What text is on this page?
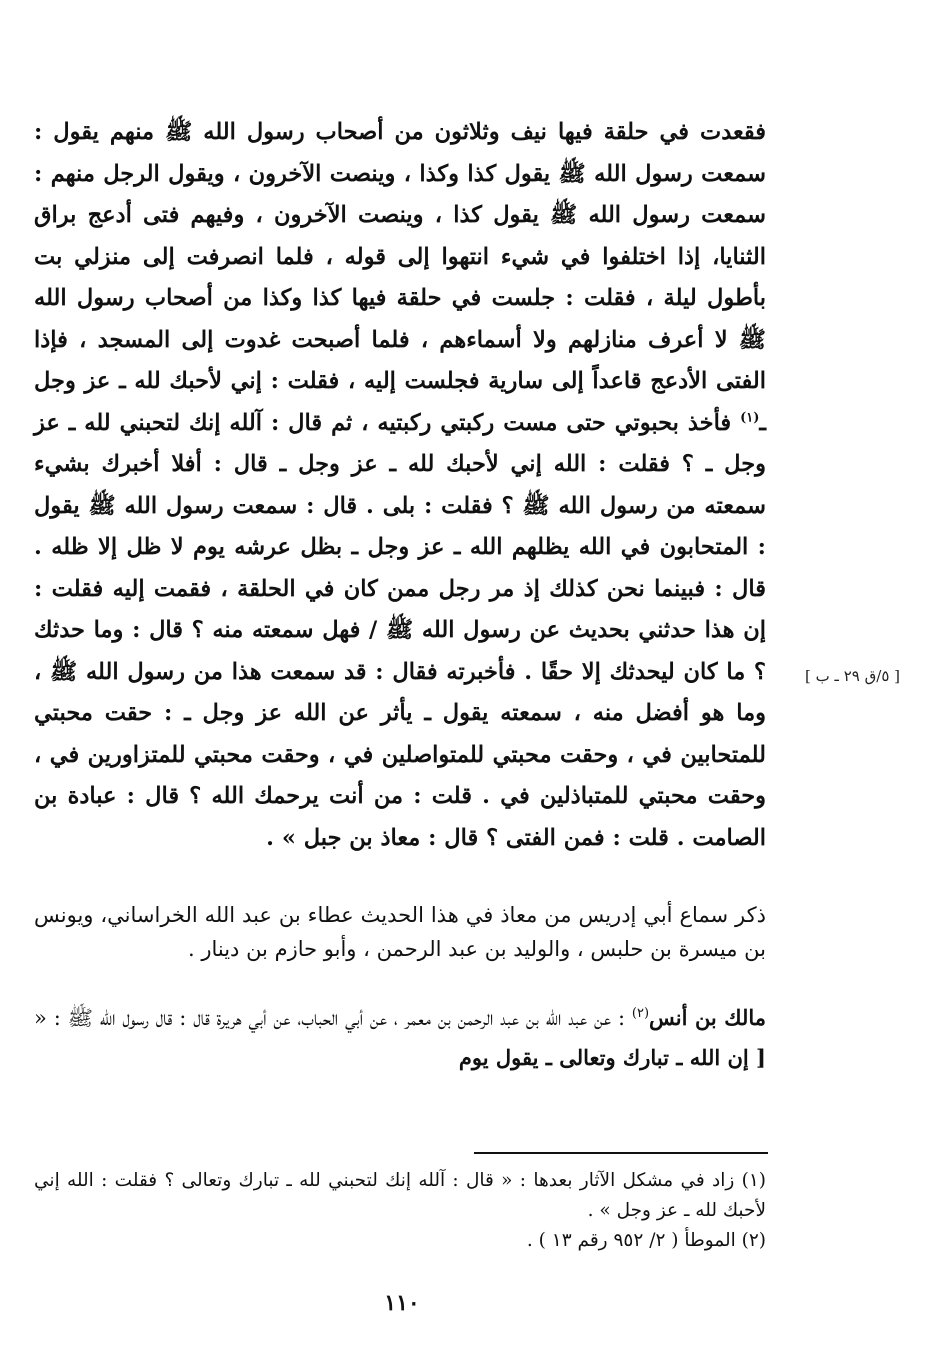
فقعدت في حلقة فيها نيف وثلاثون من أصحاب رسول الله ﷺ منهم يقول : سمعت رسول الله ﷺ يقول كذا وكذا ، وينصت الآخرون ، ويقول الرجل منهم : سمعت رسول الله ﷺ يقول كذا ، وينصت الآخرون ، وفيهم فتى أدعج براق الثنايا، إذا اختلفوا في شيء انتهوا إلى قوله ، فلما انصرفت إلى منزلي بت بأطول ليلة ، فقلت : جلست في حلقة فيها كذا وكذا من أصحاب رسول الله ﷺ لا أعرف منازلهم ولا أسماءهم ، فلما أصبحت غدوت إلى المسجد ، فإذا الفتى الأدعج قاعداً إلى سارية فجلست إليه ، فقلت : إني لأحبك لله ـ عز وجل ـ$^{(١)}$ فأخذ بحبوتي حتى مست ركبتي ركبتيه ، ثم قال : آلله إنك لتحبني لله ـ عز وجل ـ ؟ فقلت : الله إني لأحبك لله ـ عز وجل ـ قال : أفلا أخبرك بشيء سمعته من رسول الله ﷺ ؟ فقلت : بلى . قال : سمعت رسول الله ﷺ يقول : المتحابون في الله يظلهم الله ـ عز وجل ـ بظل عرشه يوم لا ظل إلا ظله . قال : فبينما نحن كذلك إذ مر رجل ممن كان في الحلقة ، فقمت إليه فقلت : إن هذا حدثني بحديث عن رسول الله ﷺ / فهل سمعته منه ؟ قال : وما حدثك ؟ ما كان ليحدثك إلا حقًا . فأخبرته فقال : قد سمعت هذا من رسول الله ﷺ ، وما هو أفضل منه ، سمعته يقول ـ يأثر عن الله عز وجل ـ : حقت محبتي للمتحابين في ، وحقت محبتي للمتواصلين في ، وحقت محبتي للمتزاورين في ، وحقت محبتي للمتباذلين في . قلت : من أنت يرحمك الله ؟ قال : عبادة بن الصامت . قلت : فمن الفتى ؟ قال : معاذ بن جبل » .

[ ٥/ق ٢٩ ـ ب ]

ذكر سماع أبي إدريس من معاذ في هذا الحديث عطاء بن عبد الله الخراساني، ويونس بن ميسرة بن حلبس ، والوليد بن عبد الرحمن ، وأبو حازم بن دينار .

مالك بن أنس$^{(٢)}$ : عن عبد الله بن عبد الرحمن بن معمر ، عن أبي الحباب، عن أبي هريرة قال : قال رسول الله ﷺ : « [ إن الله ـ تبارك وتعالى ـ يقول يوم

(١) زاد في مشكل الآثار بعدها : « قال : آلله إنك لتحبني لله ـ تبارك وتعالى ؟ فقلت : الله إني لأحبك لله ـ عز وجل » .

(٢) الموطأ ( ٢/ ٩٥٢ رقم ١٣ ) .

١١٠
